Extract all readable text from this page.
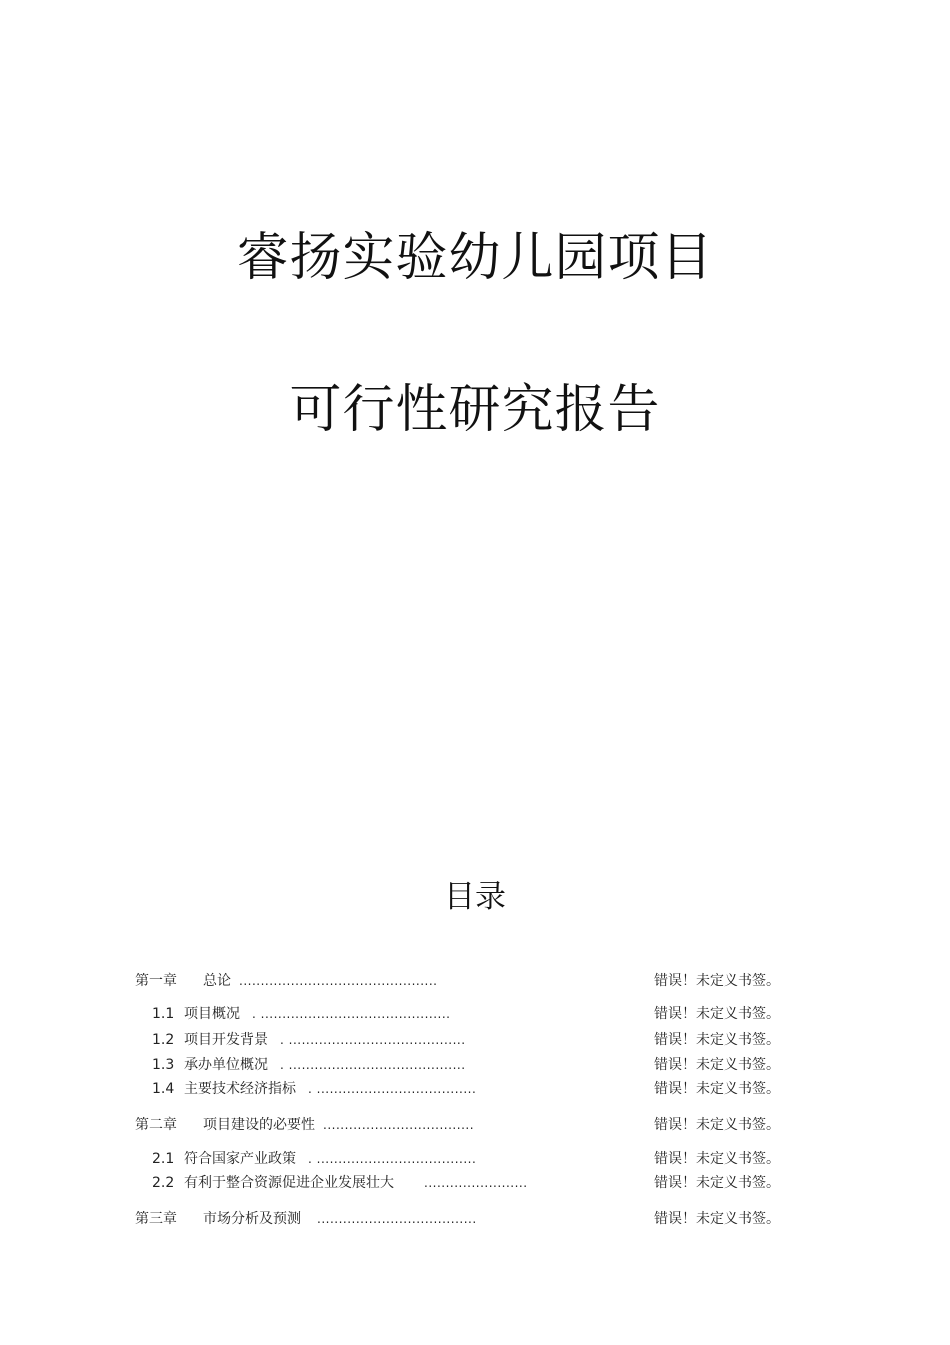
睿扬实验幼儿园项目
可行性研究报告
目录
第一章 总论 ..............................................	错误！未定义书签。
1.1 项目概况 . ............................................	错误！未定义书签。
1.2 项目开发背景 . .........................................	错误！未定义书签。
1.3 承办单位概况 . .........................................	错误！未定义书签。
1.4 主要技术经济指标 . .....................................	错误！未定义书签。
第二章 项目建设的必要性 ...................................	错误！未定义书签。
2.1 符合国家产业政策 . .....................................	错误！未定义书签。
2.2 有利于整合资源促进企业发展壮大	........................	错误！未定义书签。
第三章 市场分析及预测 .....................................	错误！未定义书签。
